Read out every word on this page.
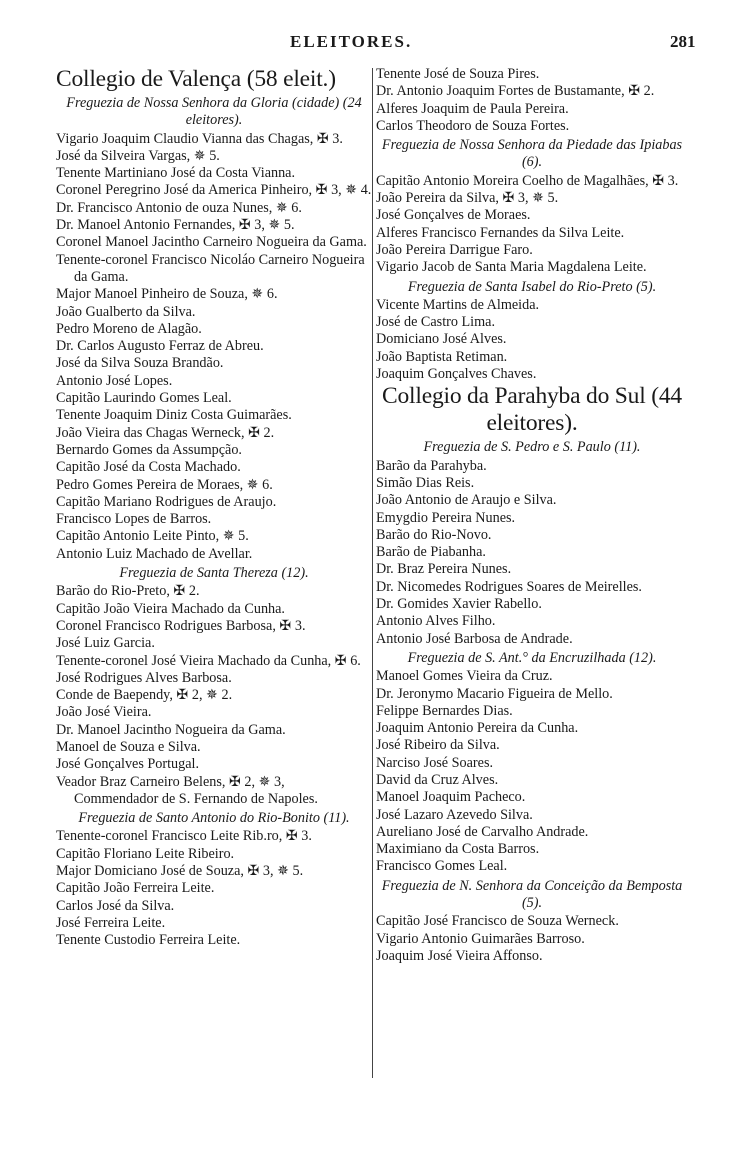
ELEITORES.	281
Collegio de Valença (58 eleit.)
Freguezia de Nossa Senhora da Gloria (cidade) (24 eleitores).
Vigario Joaquim Claudio Vianna das Chagas, ✠ 3.
José da Silveira Vargas, ✵ 5.
Tenente Martiniano José da Costa Vianna.
Coronel Peregrino José da America Pinheiro, ✠ 3, ✵ 4.
Dr. Francisco Antonio de ouza Nunes, ✵ 6.
Dr. Manoel Antonio Fernandes, ✠ 3, ✵ 5.
Coronel Manoel Jacintho Carneiro Nogueira da Gama.
Tenente-coronel Francisco Nicoláo Carneiro Nogueira da Gama.
Major Manoel Pinheiro de Souza, ✵ 6.
João Gualberto da Silva.
Pedro Moreno de Alagão.
Dr. Carlos Augusto Ferraz de Abreu.
José da Silva Souza Brandão.
Antonio José Lopes.
Capitão Laurindo Gomes Leal.
Tenente Joaquim Diniz Costa Guimarães.
João Vieira das Chagas Werneck, ✠ 2.
Bernardo Gomes da Assumpção.
Capitão José da Costa Machado.
Pedro Gomes Pereira de Moraes, ✵ 6.
Capitão Mariano Rodrigues de Araujo.
Francisco Lopes de Barros.
Capitão Antonio Leite Pinto, ✵ 5.
Antonio Luiz Machado de Avellar.
Freguezia de Santa Thereza (12).
Barão do Rio-Preto, ✠ 2.
Capitão João Vieira Machado da Cunha.
Coronel Francisco Rodrigues Barbosa, ✠ 3.
José Luiz Garcia.
Tenente-coronel José Vieira Machado da Cunha, ✠ 6.
José Rodrigues Alves Barbosa.
Conde de Baependy, ✠ 2, ✵ 2.
João José Vieira.
Dr. Manoel Jacintho Nogueira da Gama.
Manoel de Souza e Silva.
José Gonçalves Portugal.
Veador Braz Carneiro Belens, ✠ 2, ✵ 3, Commendador de S. Fernando de Napoles.
Freguezia de Santo Antonio do Rio-Bonito (11).
Tenente-coronel Francisco Leite Rib.ro, ✠ 3.
Capitão Floriano Leite Ribeiro.
Major Domiciano José de Souza, ✠ 3, ✵ 5.
Capitão João Ferreira Leite.
Carlos José da Silva.
José Ferreira Leite.
Tenente Custodio Ferreira Leite.
Tenente José de Souza Pires.
Dr. Antonio Joaquim Fortes de Bustamante, ✠ 2.
Alferes Joaquim de Paula Pereira.
Carlos Theodoro de Souza Fortes.
Freguezia de Nossa Senhora da Piedade das Ipiabas (6).
Capitão Antonio Moreira Coelho de Magalhães, ✠ 3.
João Pereira da Silva, ✠ 3, ✵ 5.
José Gonçalves de Moraes.
Alferes Francisco Fernandes da Silva Leite.
João Pereira Darrigue Faro.
Vigario Jacob de Santa Maria Magdalena Leite.
Freguezia de Santa Isabel do Rio-Preto (5).
Vicente Martins de Almeida.
José de Castro Lima.
Domiciano José Alves.
João Baptista Retiman.
Joaquim Gonçalves Chaves.
Collegio da Parahyba do Sul (44 eleitores).
Freguezia de S. Pedro e S. Paulo (11).
Barão da Parahyba.
Simão Dias Reis.
João Antonio de Araujo e Silva.
Emygdio Pereira Nunes.
Barão do Rio-Novo.
Barão de Piabanha.
Dr. Braz Pereira Nunes.
Dr. Nicomedes Rodrigues Soares de Meirelles.
Dr. Gomides Xavier Rabello.
Antonio Alves Filho.
Antonio José Barbosa de Andrade.
Freguezia de S. Ant.° da Encruzilhada (12).
Manoel Gomes Vieira da Cruz.
Dr. Jeronymo Macario Figueira de Mello.
Felippe Bernardes Dias.
Joaquim Antonio Pereira da Cunha.
José Ribeiro da Silva.
Narciso José Soares.
David da Cruz Alves.
Manoel Joaquim Pacheco.
José Lazaro Azevedo Silva.
Aureliano José de Carvalho Andrade.
Maximiano da Costa Barros.
Francisco Gomes Leal.
Freguezia de N. Senhora da Conceição da Bemposta (5).
Capitão José Francisco de Souza Werneck.
Vigario Antonio Guimarães Barroso.
Joaquim José Vieira Affonso.
